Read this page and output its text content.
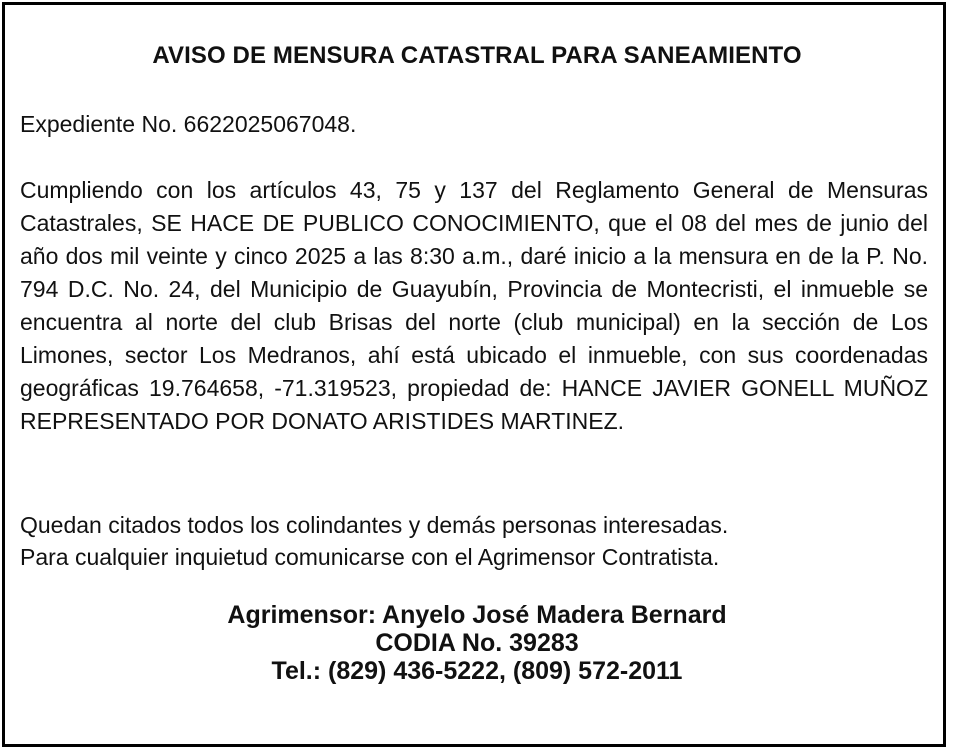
AVISO DE MENSURA CATASTRAL PARA SANEAMIENTO
Expediente No. 6622025067048.
Cumpliendo con los artículos 43, 75 y 137 del Reglamento General de Mensuras Catastrales, SE HACE DE PUBLICO CONOCIMIENTO, que el 08 del mes de junio del año dos mil veinte y cinco 2025 a las 8:30 a.m., daré inicio a la mensura en de la P. No. 794 D.C. No. 24, del Municipio de Guayubín, Provincia de Montecristi, el inmueble se encuentra al norte del club Brisas del norte (club municipal) en la sección de Los Limones, sector Los Medranos, ahí está ubicado el inmueble, con sus coordenadas geográficas 19.764658, -71.319523, propiedad de: HANCE JAVIER GONELL MUÑOZ REPRESENTADO POR DONATO ARISTIDES MARTINEZ.
Quedan citados todos los colindantes y demás personas interesadas.
Para cualquier inquietud comunicarse con el Agrimensor Contratista.
Agrimensor: Anyelo José Madera Bernard
CODIA No. 39283
Tel.: (829) 436-5222, (809) 572-2011
